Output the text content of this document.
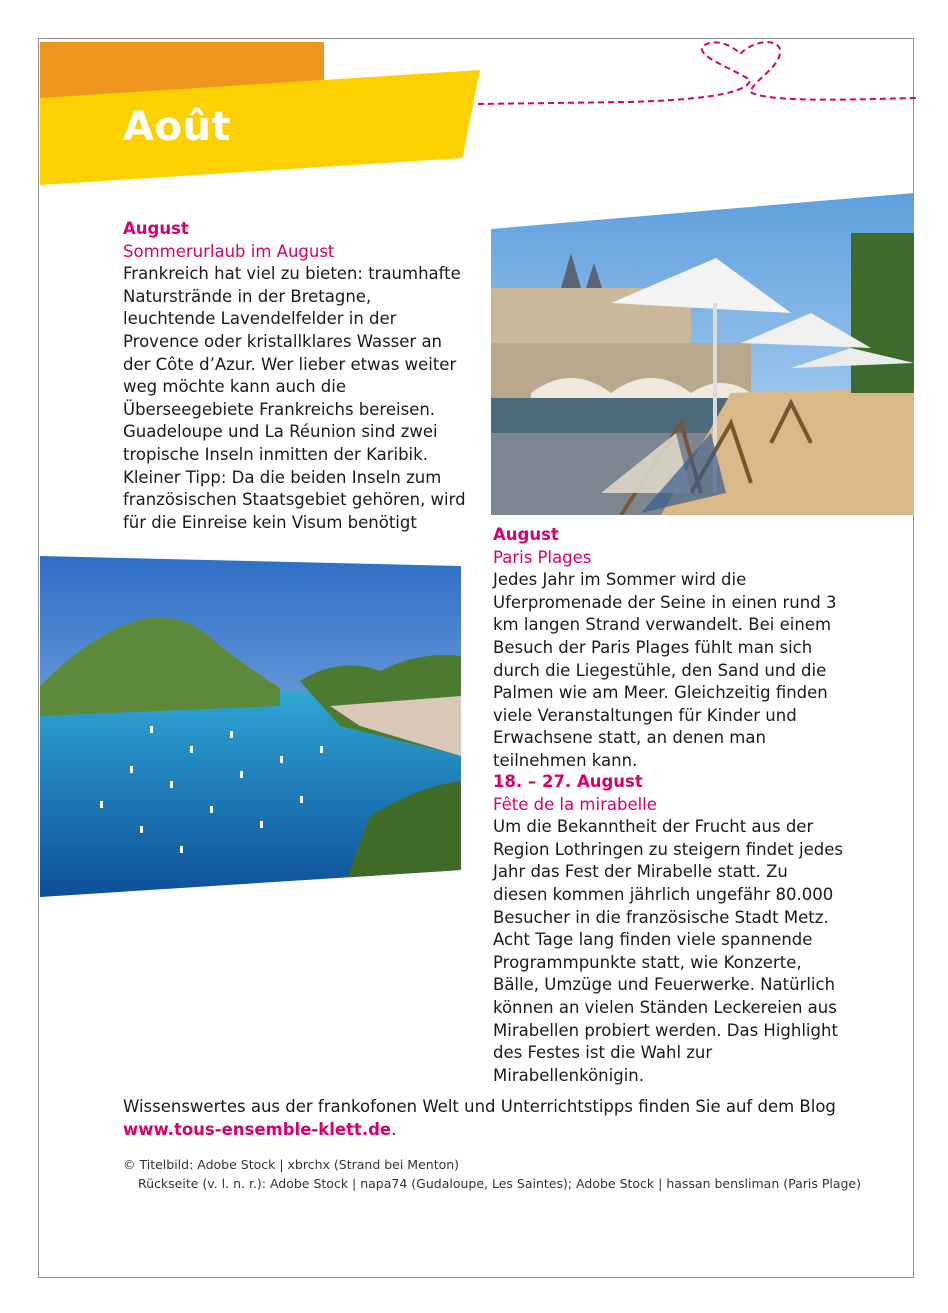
Août
August
Sommerurlaub im August
Frankreich hat viel zu bieten: traumhafte Naturstrände in der Bretagne, leuchtende Lavendelfelder in der Provence oder kristallklares Wasser an der Côte d’Azur. Wer lieber etwas weiter weg möchte kann auch die Überseegebiete Frankreichs bereisen. Guadeloupe und La Réunion sind zwei tropische Inseln inmitten der Karibik. Kleiner Tipp: Da die beiden Inseln zum französischen Staatsgebiet gehören, wird für die Einreise kein Visum benötigt
August
Paris Plages
Jedes Jahr im Sommer wird die Uferpromenade der Seine in einen rund 3 km langen Strand verwandelt. Bei einem Besuch der Paris Plages fühlt man sich durch die Liegestühle, den Sand und die Palmen wie am Meer. Gleichzeitig finden viele Veranstaltungen für Kinder und Erwachsene statt, an denen man teilnehmen kann.
18. – 27. August
Fête de la mirabelle
Um die Bekanntheit der Frucht aus der Region Lothringen zu steigern findet jedes Jahr das Fest der Mirabelle statt. Zu diesen kommen jährlich ungefähr 80.000 Besucher in die französische Stadt Metz. Acht Tage lang finden viele spannende Programmpunkte statt, wie Konzerte, Bälle, Umzüge und Feuerwerke. Natürlich können an vielen Ständen Leckereien aus Mirabellen probiert werden. Das Highlight des Festes ist die Wahl zur Mirabellenkönigin.
Wissenswertes aus der frankofonen Welt und Unterrichtstipps finden Sie auf dem Blog
www.tous-ensemble-klett.de.
© Titelbild: Adobe Stock | xbrchx (Strand bei Menton)
Rückseite (v. l. n. r.): Adobe Stock | napa74 (Gudaloupe, Les Saintes); Adobe Stock | hassan bensliman (Paris Plage)
